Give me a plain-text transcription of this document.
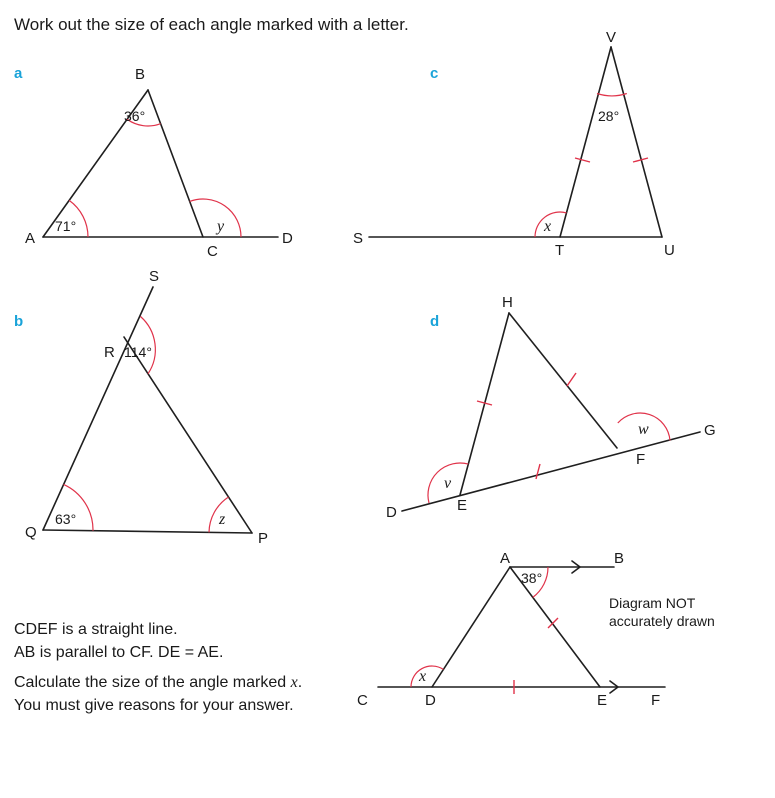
Work out the size of each angle marked with a letter.
a
36°
71°	y
B
A
C
D
c
28°
x
V
S
T	U
b
114°
63°	z
S
R
Q	P
d
w
v
H
G
F
D	E
CDEF is a straight line.
AB is parallel to CF. DE = AE.
Calculate the size of the angle marked x.
You must give reasons for your answer.
Diagram NOT
accurately drawn
38°
x
A	B
C	D	E	F
